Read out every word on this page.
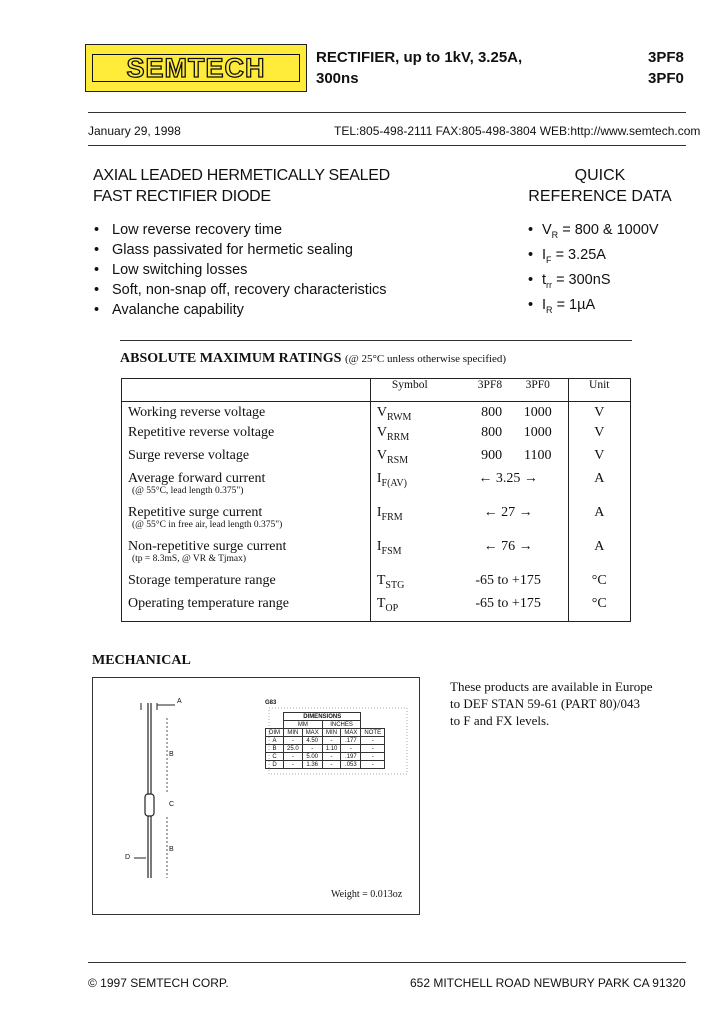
SEMTECH	RECTIFIER, up to 1kV, 3.25A,
300ns
3PF8
3PF0
January 29, 1998	TEL:805-498-2111 FAX:805-498-3804 WEB:http://www.semtech.com
AXIAL LEADED HERMETICALLY SEALED
FAST RECTIFIER DIODE
QUICK
REFERENCE DATA
• Low reverse recovery time
• Glass passivated for hermetic sealing
• Low switching losses
• Soft, non-snap off, recovery characteristics
• Avalanche capability
• $V_R = 800$ & 1000V
• $I_F = 3.25A$
• $t_{rr} = 300nS$
• $I_R = 1\mu A$
ABSOLUTE MAXIMUM RATINGS (@ 25°C unless otherwise specified)
	Symbol	3PF8	3PF0	Unit
Working reverse voltage	$V_{RWM}$	800	1000	V
Repetitive reverse voltage	$V_{RRM}$	800	1000	V
Surge reverse voltage	$V_{RSM}$	900	1100	V
Average forward current
(@ 55°C, lead length 0.375")	$I_{F(AV)}$	← 3.25 →		A
Repetitive surge current
(@ 55°C in free air, lead length 0.375")	$I_{FRM}$	← 27 →		A
Non-repetitive surge current
(tp = 8.3mS, @ VR & Tjmax)	$I_{FSM}$	← 76 →		A
Storage temperature range	$T_{STG}$	-65 to +175		°C
Operating temperature range	$T_{OP}$	-65 to +175		°C
MECHANICAL
A
B
C
B
D
G83
Weight = 0.013oz
	DIMENSIONS				
	MM		INCHES		
DIM	MIN	MAX	MIN	MAX	NOTE
A	-	4.50	-	.177	-
B	25.0	-	1.10	-	-
C	-	5.00	-	.197	-
D	-	1.36	-	.053	-
These products are available in Europe
to DEF STAN 59-61 (PART 80)/043
to F and FX levels.
© 1997 SEMTECH CORP.	652 MITCHELL ROAD NEWBURY PARK CA 91320
